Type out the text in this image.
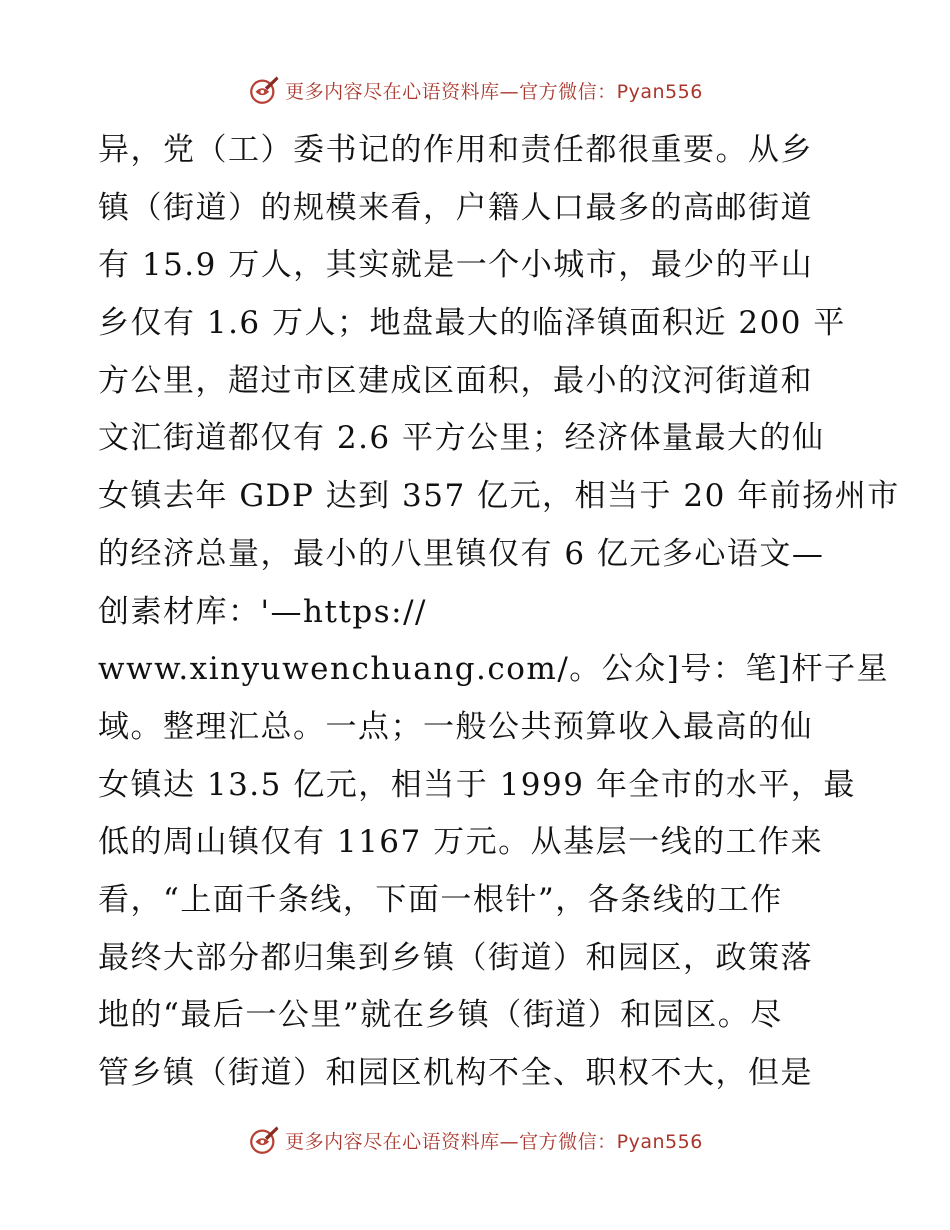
更多内容尽在心语资料库—官方微信：Pyan556
异，党（工）委书记的作用和责任都很重要。从乡
镇（街道）的规模来看，户籍人口最多的高邮街道
有 15.9 万人，其实就是一个小城市，最少的平山
乡仅有 1.6 万人；地盘最大的临泽镇面积近 200 平
方公里，超过市区建成区面积，最小的汶河街道和
文汇街道都仅有 2.6 平方公里；经济体量最大的仙
女镇去年 GDP 达到 357 亿元，相当于 20 年前扬州市
的经济总量，最小的八里镇仅有 6 亿元多心语文—
创素材库：'—https://
www.xinyuwenchuang.com/。公众]号：笔]杆子星
域。整理汇总。一点；一般公共预算收入最高的仙
女镇达 13.5 亿元，相当于 1999 年全市的水平，最
低的周山镇仅有 1167 万元。从基层一线的工作来
看，“上面千条线，下面一根针”，各条线的工作
最终大部分都归集到乡镇（街道）和园区，政策落
地的“最后一公里”就在乡镇（街道）和园区。尽
管乡镇（街道）和园区机构不全、职权不大，但是
更多内容尽在心语资料库—官方微信：Pyan556
